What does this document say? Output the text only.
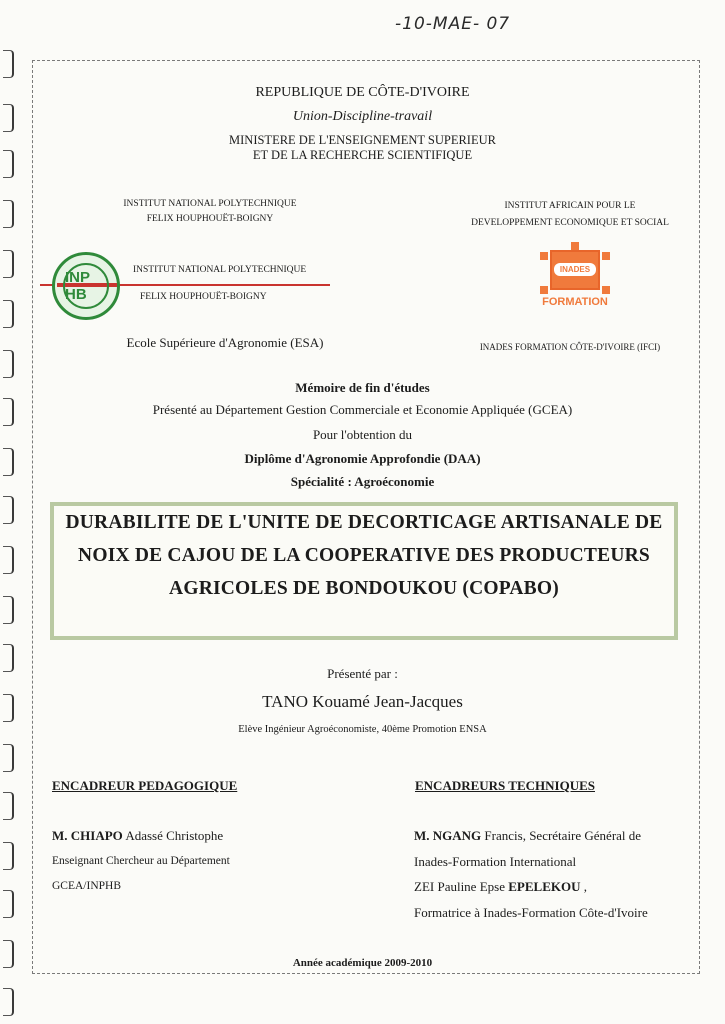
-10-MAE- 07
REPUBLIQUE DE CÔTE-D'IVOIRE
Union-Discipline-travail
MINISTERE DE L'ENSEIGNEMENT SUPERIEUR
ET DE LA RECHERCHE SCIENTIFIQUE
INSTITUT NATIONAL POLYTECHNIQUE
FELIX HOUPHOUËT-BOIGNY
INSTITUT AFRICAIN POUR LE
DEVELOPPEMENT ECONOMIQUE ET SOCIAL
INP HB
INSTITUT NATIONAL POLYTECHNIQUE
FELIX HOUPHOUËT-BOIGNY
INADES
FORMATION
Ecole Supérieure d'Agronomie (ESA)	INADES FORMATION CÔTE-D'IVOIRE (IFCI)
Mémoire de fin d'études
Présenté au Département Gestion Commerciale et Economie Appliquée (GCEA)
Pour l'obtention du
Diplôme d'Agronomie Approfondie (DAA)
Spécialité : Agroéconomie
DURABILITE DE L'UNITE DE DECORTICAGE ARTISANALE DE
NOIX DE CAJOU DE LA COOPERATIVE DES PRODUCTEURS
AGRICOLES DE BONDOUKOU (COPABO)
Présenté par :
TANO Kouamé Jean-Jacques
Elève Ingénieur Agroéconomiste, 40ème Promotion ENSA
ENCADREUR PEDAGOGIQUE	ENCADREURS TECHNIQUES
M. CHIAPO Adassé Christophe
Enseignant Chercheur au Département
GCEA/INPHB
M. NGANG Francis, Secrétaire Général de
Inades-Formation International
ZEI Pauline Epse EPELEKOU ,
Formatrice à Inades-Formation Côte-d'Ivoire
Année académique 2009-2010
